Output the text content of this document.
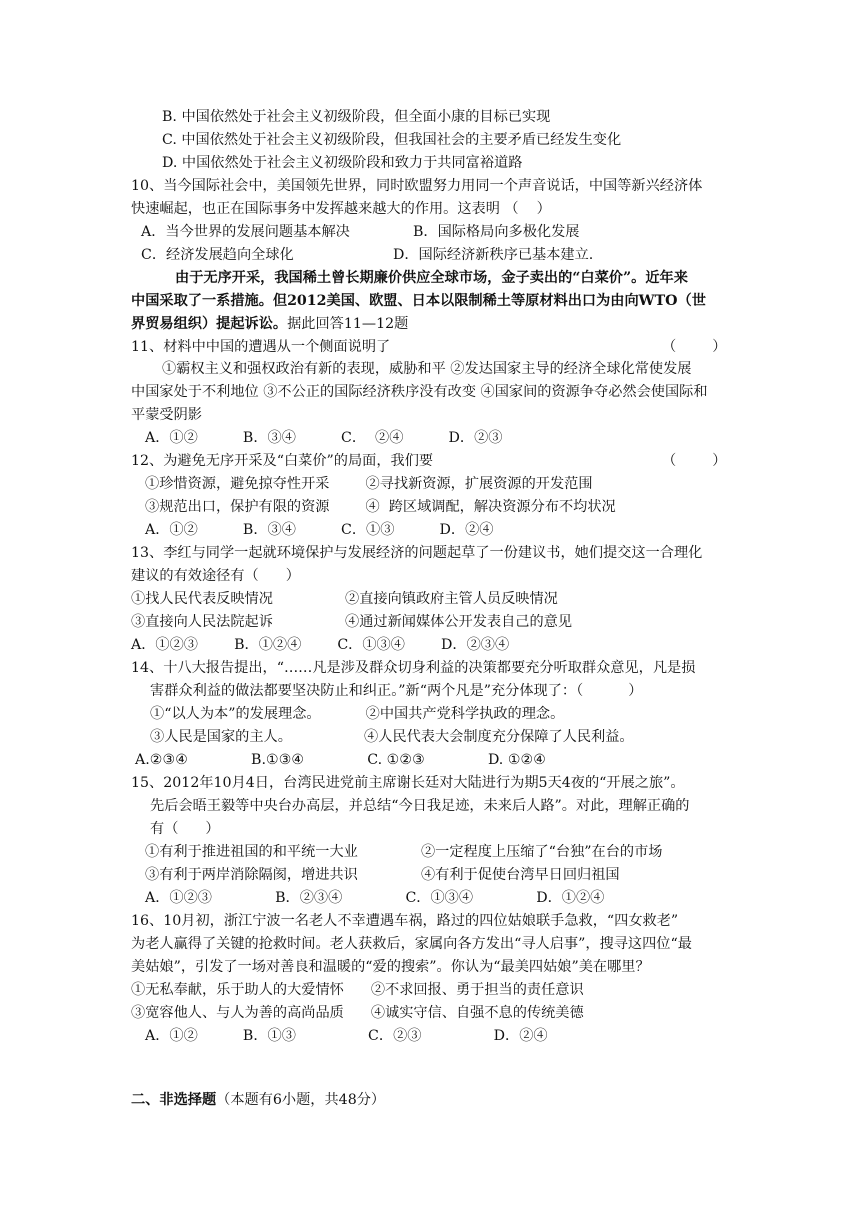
B. 中国依然处于社会主义初级阶段，但全面小康的目标已实现
C. 中国依然处于社会主义初级阶段，但我国社会的主要矛盾已经发生变化
D. 中国依然处于社会主义初级阶段和致力于共同富裕道路
10、当今国际社会中，美国领先世界，同时欧盟努力用同一个声音说话，中国等新兴经济体
快速崛起，也正在国际事务中发挥越来越大的作用。这表明 （    ）
A．当今世界的发展问题基本解决              B．国际格局向多极化发展
C．经济发展趋向全球化                      D．国际经济新秩序已基本建立.
由于无序开采，我国稀土曾长期廉价供应全球市场，金子卖出的“白菜价”。近年来
中国采取了一系措施。但2012美国、欧盟、日本以限制稀土等原材料出口为由向WTO（世
界贸易组织）提起诉讼。据此回答11—12题
11、材料中中国的遭遇从一个侧面说明了	（        ）
①霸权主义和强权政治有新的表现，威胁和平 ②发达国家主导的经济全球化常使发展
中国家处于不利地位 ③不公正的国际经济秩序没有改变 ④国家间的资源争夺必然会使国际和
平蒙受阴影
A．①②          B．③④          C．  ②④          D．②③
12、为避免无序开采及“白菜价”的局面，我们要	（        ）
①珍惜资源，避免掠夺性开采        ②寻找新资源，扩展资源的开发范围
③规范出口，保护有限的资源        ④  跨区域调配，解决资源分布不均状况
A．①②          B．③④          C．①③          D．②④
13、李红与同学一起就环境保护与发展经济的问题起草了一份建议书，她们提交这一合理化
建议的有效途径有（      ）
①找人民代表反映情况                ②直接向镇政府主管人员反映情况
③直接向人民法院起诉                ④通过新闻媒体公开发表自己的意见
A．①②③        B．①②④        C．①③④        D．②③④
14、十八大报告提出，“……凡是涉及群众切身利益的决策都要充分听取群众意见，凡是损
害群众利益的做法都要坚决防止和纠正。”新“两个凡是”充分体现了：（          ）
①“以人为本”的发展理念。          ②中国共产党科学执政的理念。
③人民是国家的主人。                ④人民代表大会制度充分保障了人民利益。
A.②③④              B.①③④              C. ①②③              D. ①②④
15、2012年10月4日，台湾民进党前主席谢长廷对大陆进行为期5天4夜的“开展之旅”。
先后会晤王毅等中央台办高层，并总结“今日我足迹，未来后人路”。对此，理解正确的
有（      ）
①有利于推进祖国的和平统一大业              ②一定程度上压缩了“台独”在台的市场
③有利于两岸消除隔阂，增进共识              ④有利于促使台湾早日回归祖国
A．①②③              B．②③④              C．①③④              D．①②④
16、10月初，浙江宁波一名老人不幸遭遇车祸，路过的四位姑娘联手急救，“四女救老”
为老人赢得了关键的抢救时间。老人获救后，家属向各方发出“寻人启事”，搜寻这四位“最
美姑娘”，引发了一场对善良和温暖的“爱的搜索”。你认为“最美四姑娘”美在哪里？
①无私奉献，乐于助人的大爱情怀      ②不求回报、勇于担当的责任意识
③宽容他人、与人为善的高尚品质      ④诚实守信、自强不息的传统美德
A．①②          B．①③                C．②③                D．②④
二、非选择题（本题有6小题，共48分）
